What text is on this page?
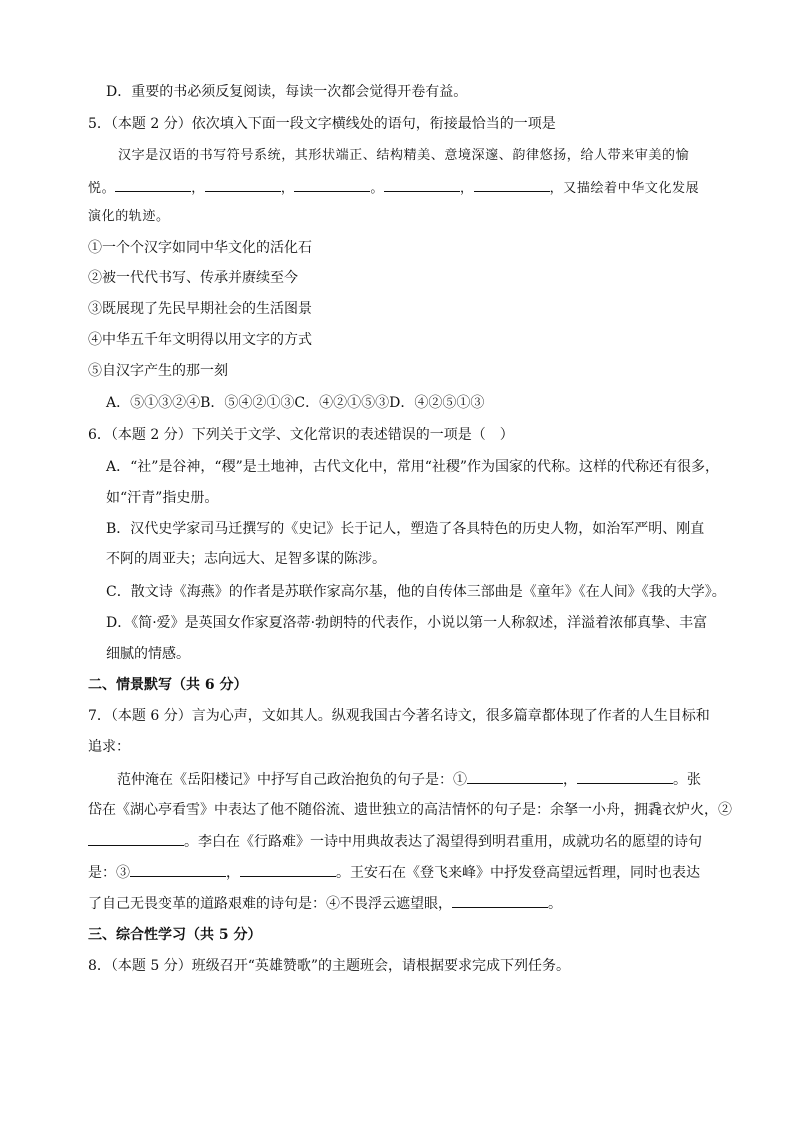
D．重要的书必须反复阅读，每读一次都会觉得开卷有益。
5．（本题 2 分）依次填入下面一段文字横线处的语句，衔接最恰当的一项是
汉字是汉语的书写符号系统，其形状端正、结构精美、意境深邃、韵律悠扬，给人带来审美的愉
悦。	，	，	。	，	，又描绘着中华文化发展
演化的轨迹。
①一个个汉字如同中华文化的活化石
②被一代代书写、传承并赓续至今
③既展现了先民早期社会的生活图景
④中华五千年文明得以用文字的方式
⑤自汉字产生的那一刻
A．⑤①③②④B．⑤④②①③C．④②①⑤③D．④②⑤①③
6．（本题 2 分）下列关于文学、文化常识的表述错误的一项是（　）
A．“社”是谷神，“稷”是土地神，古代文化中，常用“社稷”作为国家的代称。这样的代称还有很多，
如“汗青”指史册。
B．汉代史学家司马迁撰写的《史记》长于记人，塑造了各具特色的历史人物，如治军严明、刚直
不阿的周亚夫；志向远大、足智多谋的陈涉。
C．散文诗《海燕》的作者是苏联作家高尔基，他的自传体三部曲是《童年》《在人间》《我的大学》。
D．《简·爱》是英国女作家夏洛蒂·勃朗特的代表作，小说以第一人称叙述，洋溢着浓郁真挚、丰富
细腻的情感。
二、情景默写（共 6 分）
7．（本题 6 分）言为心声，文如其人。纵观我国古今著名诗文，很多篇章都体现了作者的人生目标和
追求：
范仲淹在《岳阳楼记》中抒写自己政治抱负的句子是：①	，	。张
岱在《湖心亭看雪》中表达了他不随俗流、遗世独立的高洁情怀的句子是：余拏一小舟，拥毳衣炉火，②
。李白在《行路难》一诗中用典故表达了渴望得到明君重用，成就功名的愿望的诗句
是：③	，	。王安石在《登飞来峰》中抒发登高望远哲理，同时也表达
了自己无畏变革的道路艰难的诗句是：④不畏浮云遮望眼，	。
三、综合性学习（共 5 分）
8．（本题 5 分）班级召开“英雄赞歌”的主题班会，请根据要求完成下列任务。
